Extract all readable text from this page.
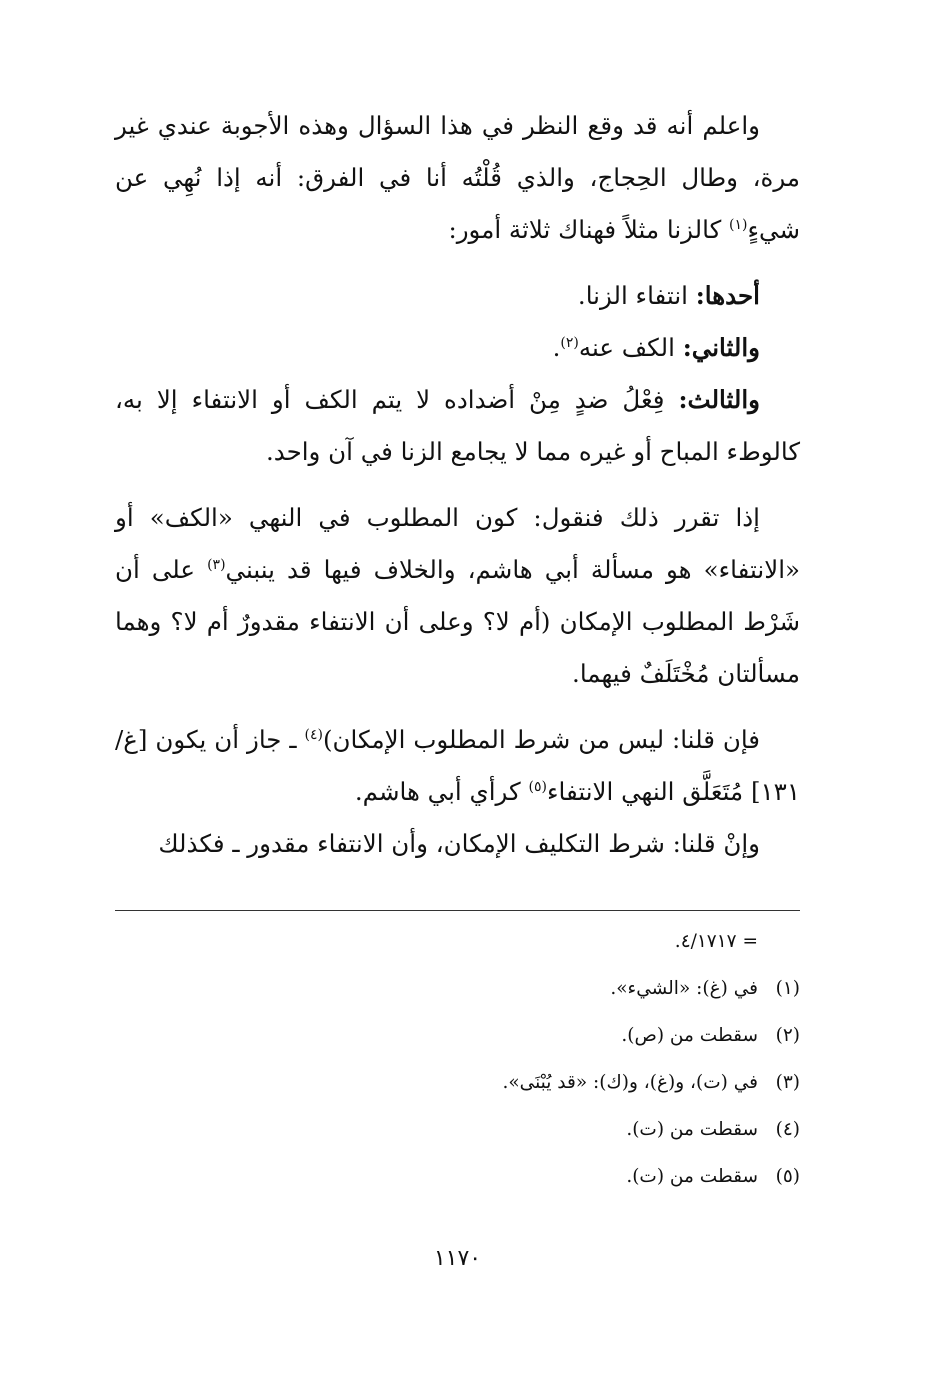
واعلم أنه قد وقع النظر في هذا السؤال وهذه الأجوبة عندي غير مرة، وطال الحِجاج، والذي قُلْتُه أنا في الفرق: أنه إذا نُهِي عن شيءٍ$^{(١)}$ كالزنا مثلاً فهناك ثلاثة أمور:

أحدها: انتفاء الزنا.

والثاني: الكف عنه$^{(٢)}$.

والثالث: فِعْلُ ضدٍ مِنْ أضداده لا يتم الكف أو الانتفاء إلا به، كالوطء المباح أو غيره مما لا يجامع الزنا في آن واحد.

إذا تقرر ذلك فنقول: كون المطلوب في النهي «الكف» أو «الانتفاء» هو مسألة أبي هاشم، والخلاف فيها قد ينبني$^{(٣)}$ على أن شَرْط المطلوب الإمكان (أم لا؟ وعلى أن الانتفاء مقدورٌ أم لا؟ وهما مسألتان مُخْتَلَفٌ فيهما.

فإن قلنا: ليس من شرط المطلوب الإمكان)$^{(٤)}$ ـ جاز أن يكون [غ/١٣١] مُتَعَلَّق النهي الانتفاء$^{(٥)}$ كرأي أبي هاشم.

وإنْ قلنا: شرط التكليف الإمكان، وأن الانتفاء مقدور ـ فكذلك

= ٤/١٧١٧.
(١)في (غ): «الشيء».
(٢)سقطت من (ص).
(٣)في (ت)، و(غ)، و(ك): «قد يُبْنَى».
(٤)سقطت من (ت).
(٥)سقطت من (ت).
١١٧٠
